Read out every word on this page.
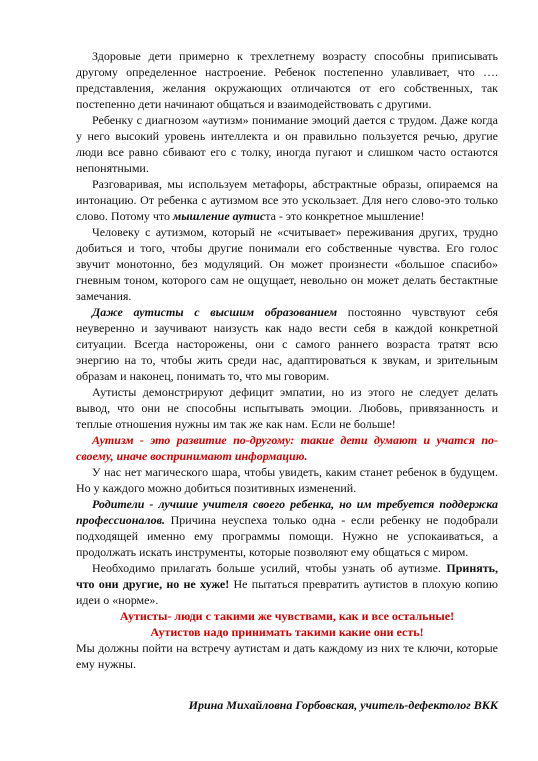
Здоровые дети примерно к трехлетнему возрасту способны приписывать другому определенное настроение. Ребенок постепенно улавливает, что …. представления, желания окружающих отличаются от его собственных, так постепенно дети начинают общаться и взаимодействовать с другими.

Ребенку с диагнозом «аутизм» понимание эмоций дается с трудом. Даже когда у него высокий уровень интеллекта и он правильно пользуется речью, другие люди все равно сбивают его с толку, иногда пугают и слишком часто остаются непонятными.

Разговаривая, мы используем метафоры, абстрактные образы, опираемся на интонацию. От ребенка с аутизмом все это ускользает. Для него слово-это только слово. Потому что мышление аутиста - это конкретное мышление!

Человеку с аутизмом, который не «считывает» переживания других, трудно добиться и того, чтобы другие понимали его собственные чувства. Его голос звучит монотонно, без модуляций. Он может произнести «большое спасибо» гневным тоном, которого сам не ощущает, невольно он может делать бестактные замечания.

Даже аутисты с высшим образованием постоянно чувствуют себя неуверенно и заучивают наизусть как надо вести себя в каждой конкретной ситуации. Всегда насторожены, они с самого раннего возраста тратят всю энергию на то, чтобы жить среди нас, адаптироваться к звукам, и зрительным образам и наконец, понимать то, что мы говорим.

Аутисты демонстрируют дефицит эмпатии, но из этого не следует делать вывод, что они не способны испытывать эмоции. Любовь, привязанность и теплые отношения нужны им так же как нам. Если не больше!

Аутизм - это развитие по-другому: такие дети думают и учатся по-своему, иначе воспринимают информацию.

У нас нет магического шара, чтобы увидеть, каким станет ребенок в будущем. Но у каждого можно добиться позитивных изменений.

Родители - лучшие учителя своего ребенка, но им требуется поддержка профессионалов. Причина неуспеха только одна - если ребенку не подобрали подходящей именно ему программы помощи. Нужно не успокаиваться, а продолжать искать инструменты, которые позволяют ему общаться с миром.

Необходимо прилагать больше усилий, чтобы узнать об аутизме. Принять, что они другие, но не хуже! Не пытаться превратить аутистов в плохую копию идеи о «норме».

Аутисты- люди с такими же чувствами, как и все остальные!

Аутистов надо принимать такими какие они есть!

Мы должны пойти на встречу аутистам и дать каждому из них те ключи, которые ему нужны.

Ирина Михайловна Горбовская, учитель-дефектолог ВКК
